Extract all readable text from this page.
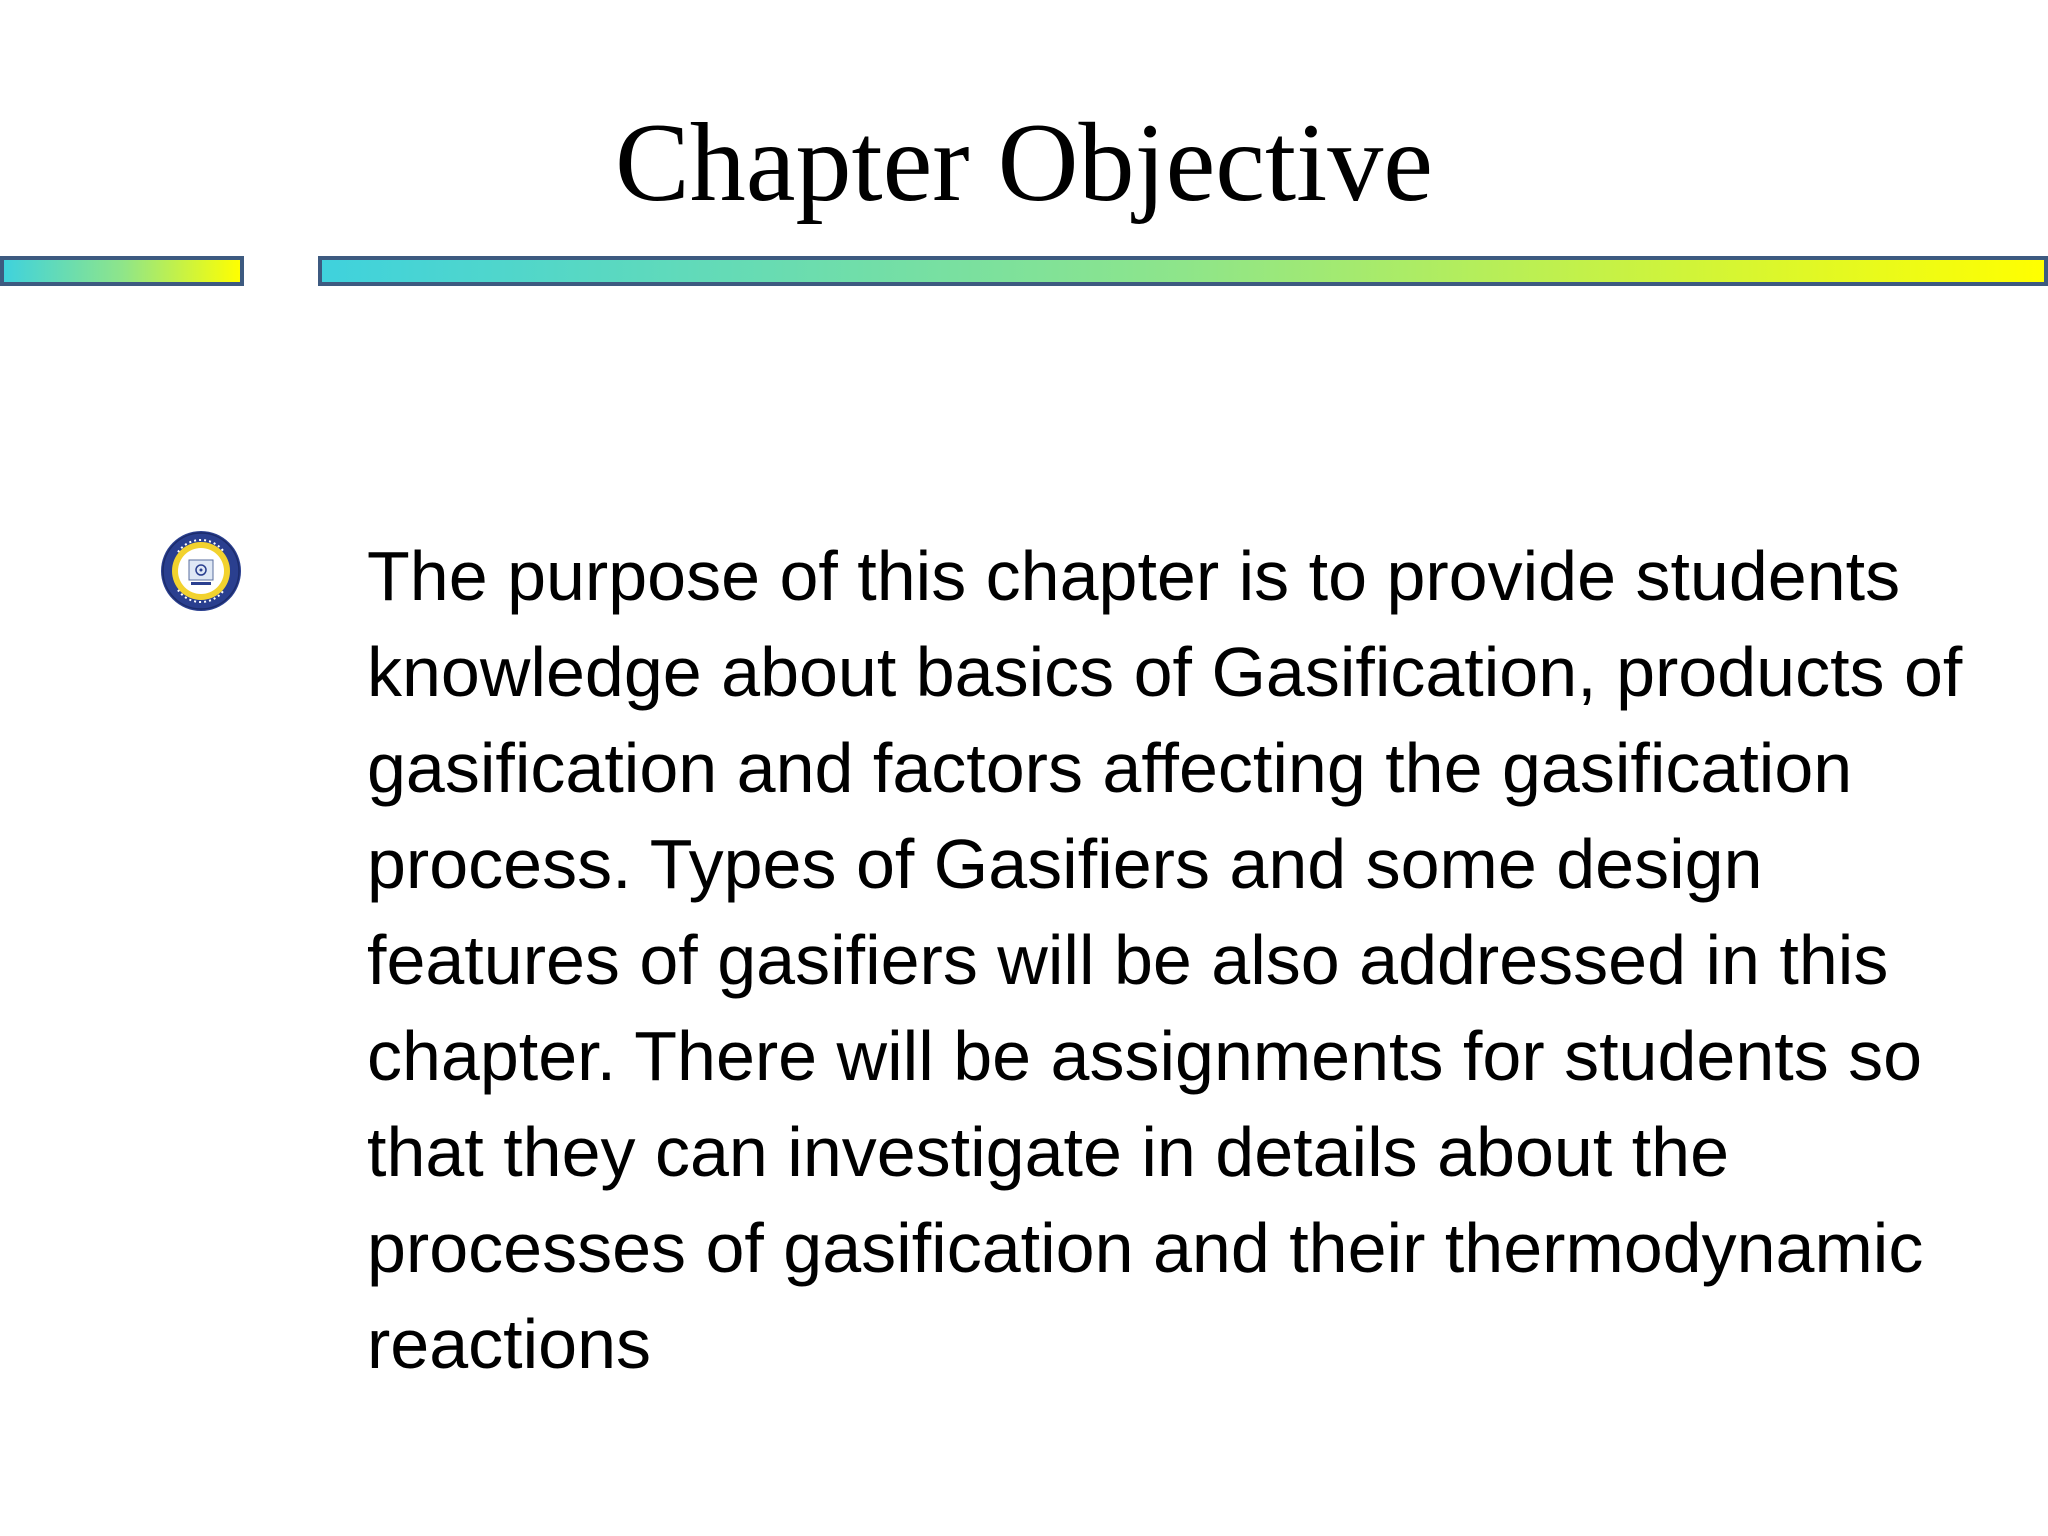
Chapter Objective

The purpose of this chapter is to provide students knowledge about basics of Gasification, products of gasification and factors affecting the gasification process. Types of Gasifiers and some design features of gasifiers will be also addressed in this chapter. There will be assignments for students so that they can investigate in details about the processes of gasification and their thermodynamic reactions
